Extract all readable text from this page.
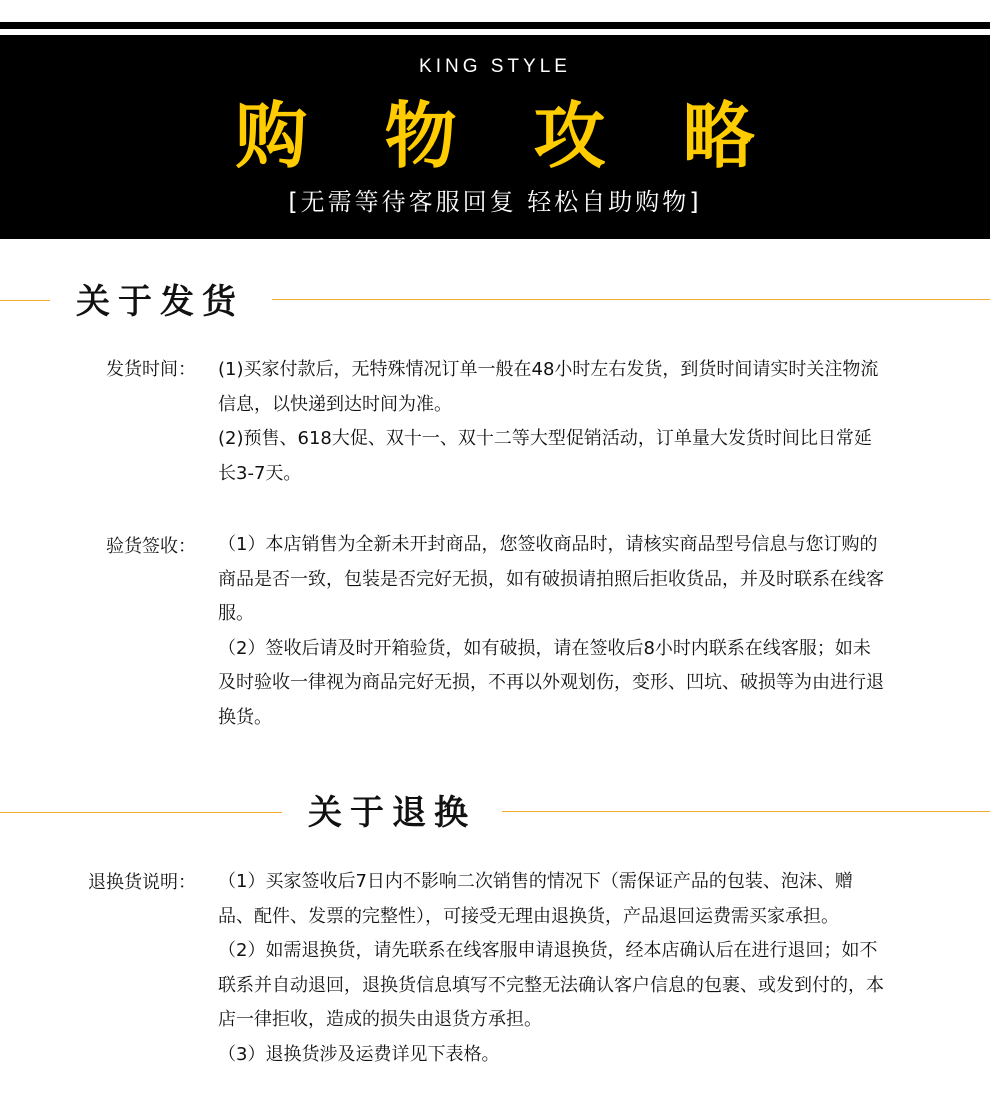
KING STYLE
购 物 攻 略
[无需等待客服回复 轻松自助购物]
关于发货
发货时间： (1)买家付款后，无特殊情况订单一般在48小时左右发货，到货时间请实时关注物流信息，以快递到达时间为准。

(2)预售、618大促、双十一、双十二等大型促销活动，订单量大发货时间比日常延长3-7天。

验货签收： （1）本店销售为全新未开封商品，您签收商品时，请核实商品型号信息与您订购的商品是否一致，包装是否完好无损，如有破损请拍照后拒收货品，并及时联系在线客服。

（2）签收后请及时开箱验货，如有破损，请在签收后8小时内联系在线客服；如未及时验收一律视为商品完好无损，不再以外观划伤，变形、凹坑、破损等为由进行退换货。

关于退换
退换货说明： （1）买家签收后7日内不影响二次销售的情况下（需保证产品的包装、泡沫、赠品、配件、发票的完整性），可接受无理由退换货，产品退回运费需买家承担。

（2）如需退换货，请先联系在线客服申请退换货，经本店确认后在进行退回；如不联系并自动退回，退换货信息填写不完整无法确认客户信息的包裹、或发到付的，本店一律拒收，造成的损失由退货方承担。

（3）退换货涉及运费详见下表格。
